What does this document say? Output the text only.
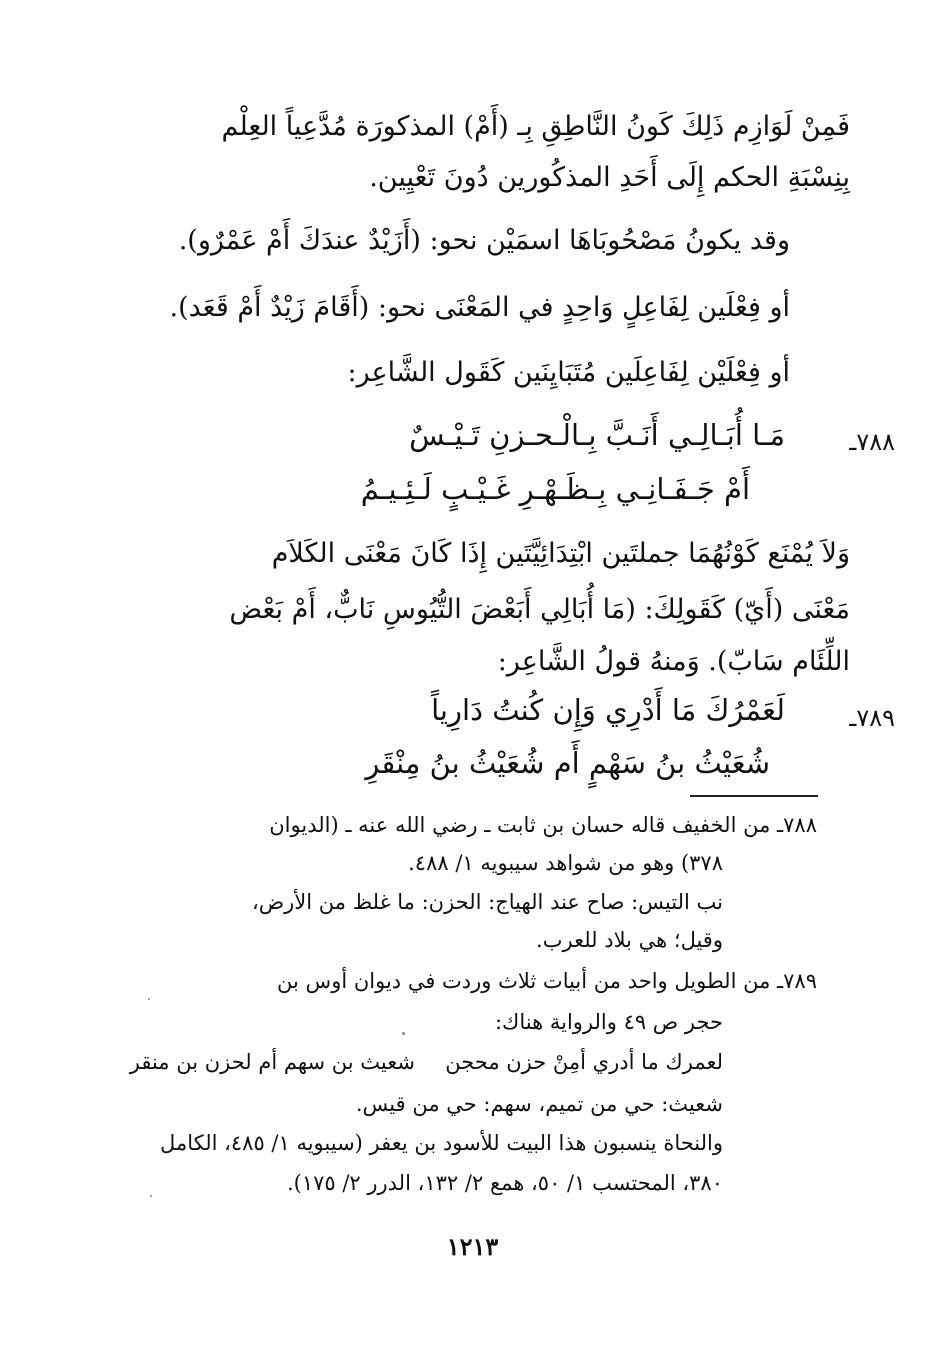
فَمِنْ لَوَازِم ذَلِكَ كَونُ النَّاطِقِ بِـ (أَمْ) المذكورَة مُدَّعِياً العِلْم
بِنِسْبَةِ الحكم إِلَى أَحَدِ المذكُورين دُونَ تَعْيِين.
وقد يكونُ مَصْحُوبَاهَا اسمَيْن نحو: (أَزَيْدٌ عندَكَ أَمْ عَمْرٌو).
أو فِعْلَين لِفَاعِلٍ وَاحِدٍ في المَعْنَى نحو: (أَقَامَ زَيْدٌ أَمْ قَعَد).
أو فِعْلَيْن لِفَاعِلَين مُتَبَايِنَين كَقَول الشَّاعِر:
٧٨٨ـ
مَـا أُبَـالِـي أَنَـبَّ بِـالْـحـزنِ تَـيْـسٌ
أَمْ جَـفَـانِـي بِـظَـهْـرِ غَـيْـبٍ لَـئِـيـمُ
وَلاَ يُمْنَع كَوْنُهُمَا جملتَين ابْتِدَائِيَّتَين إِذَا كَانَ مَعْنَى الكَلاَم
مَعْنَى (أَيّ) كَقَولِكَ: (مَا أُبَالِي أَبَعْضَ التُّيُوسِ نَابٌّ، أَمْ بَعْض
اللِّئَام سَابّ). وَمنهُ قولُ الشَّاعِر:
٧٨٩ـ
لَعَمْرُكَ مَا أَدْرِي وَإِن كُنتُ دَارِياً
شُعَيْثُ بنُ سَهْمٍ أَم شُعَيْثُ بنُ مِنْقَرِ
٧٨٨ـ من الخفيف قاله حسان بن ثابت ـ رضي الله عنه ـ (الديوان
٣٧٨) وهو من شواهد سيبويه ١/ ٤٨٨.
نب التيس: صاح عند الهياج: الحزن: ما غلظ من الأرض،
وقيل؛ هي بلاد للعرب.
٧٨٩ـ من الطويل واحد من أبيات ثلاث وردت في ديوان أوس بن
حجر ص ٤٩ والرواية هناك:
لعمرك ما أدري أمِنْ حزن محجن
شعيث بن سهم أم لحزن بن منقر
شعيث: حي من تميم، سهم: حي من قيس.
والنحاة ينسبون هذا البيت للأسود بن يعفر (سيبويه ١/ ٤٨٥، الكامل
٣٨٠، المحتسب ١/ ٥٠، همع ٢/ ١٣٢، الدرر ٢/ ١٧٥).
١٢١٣
